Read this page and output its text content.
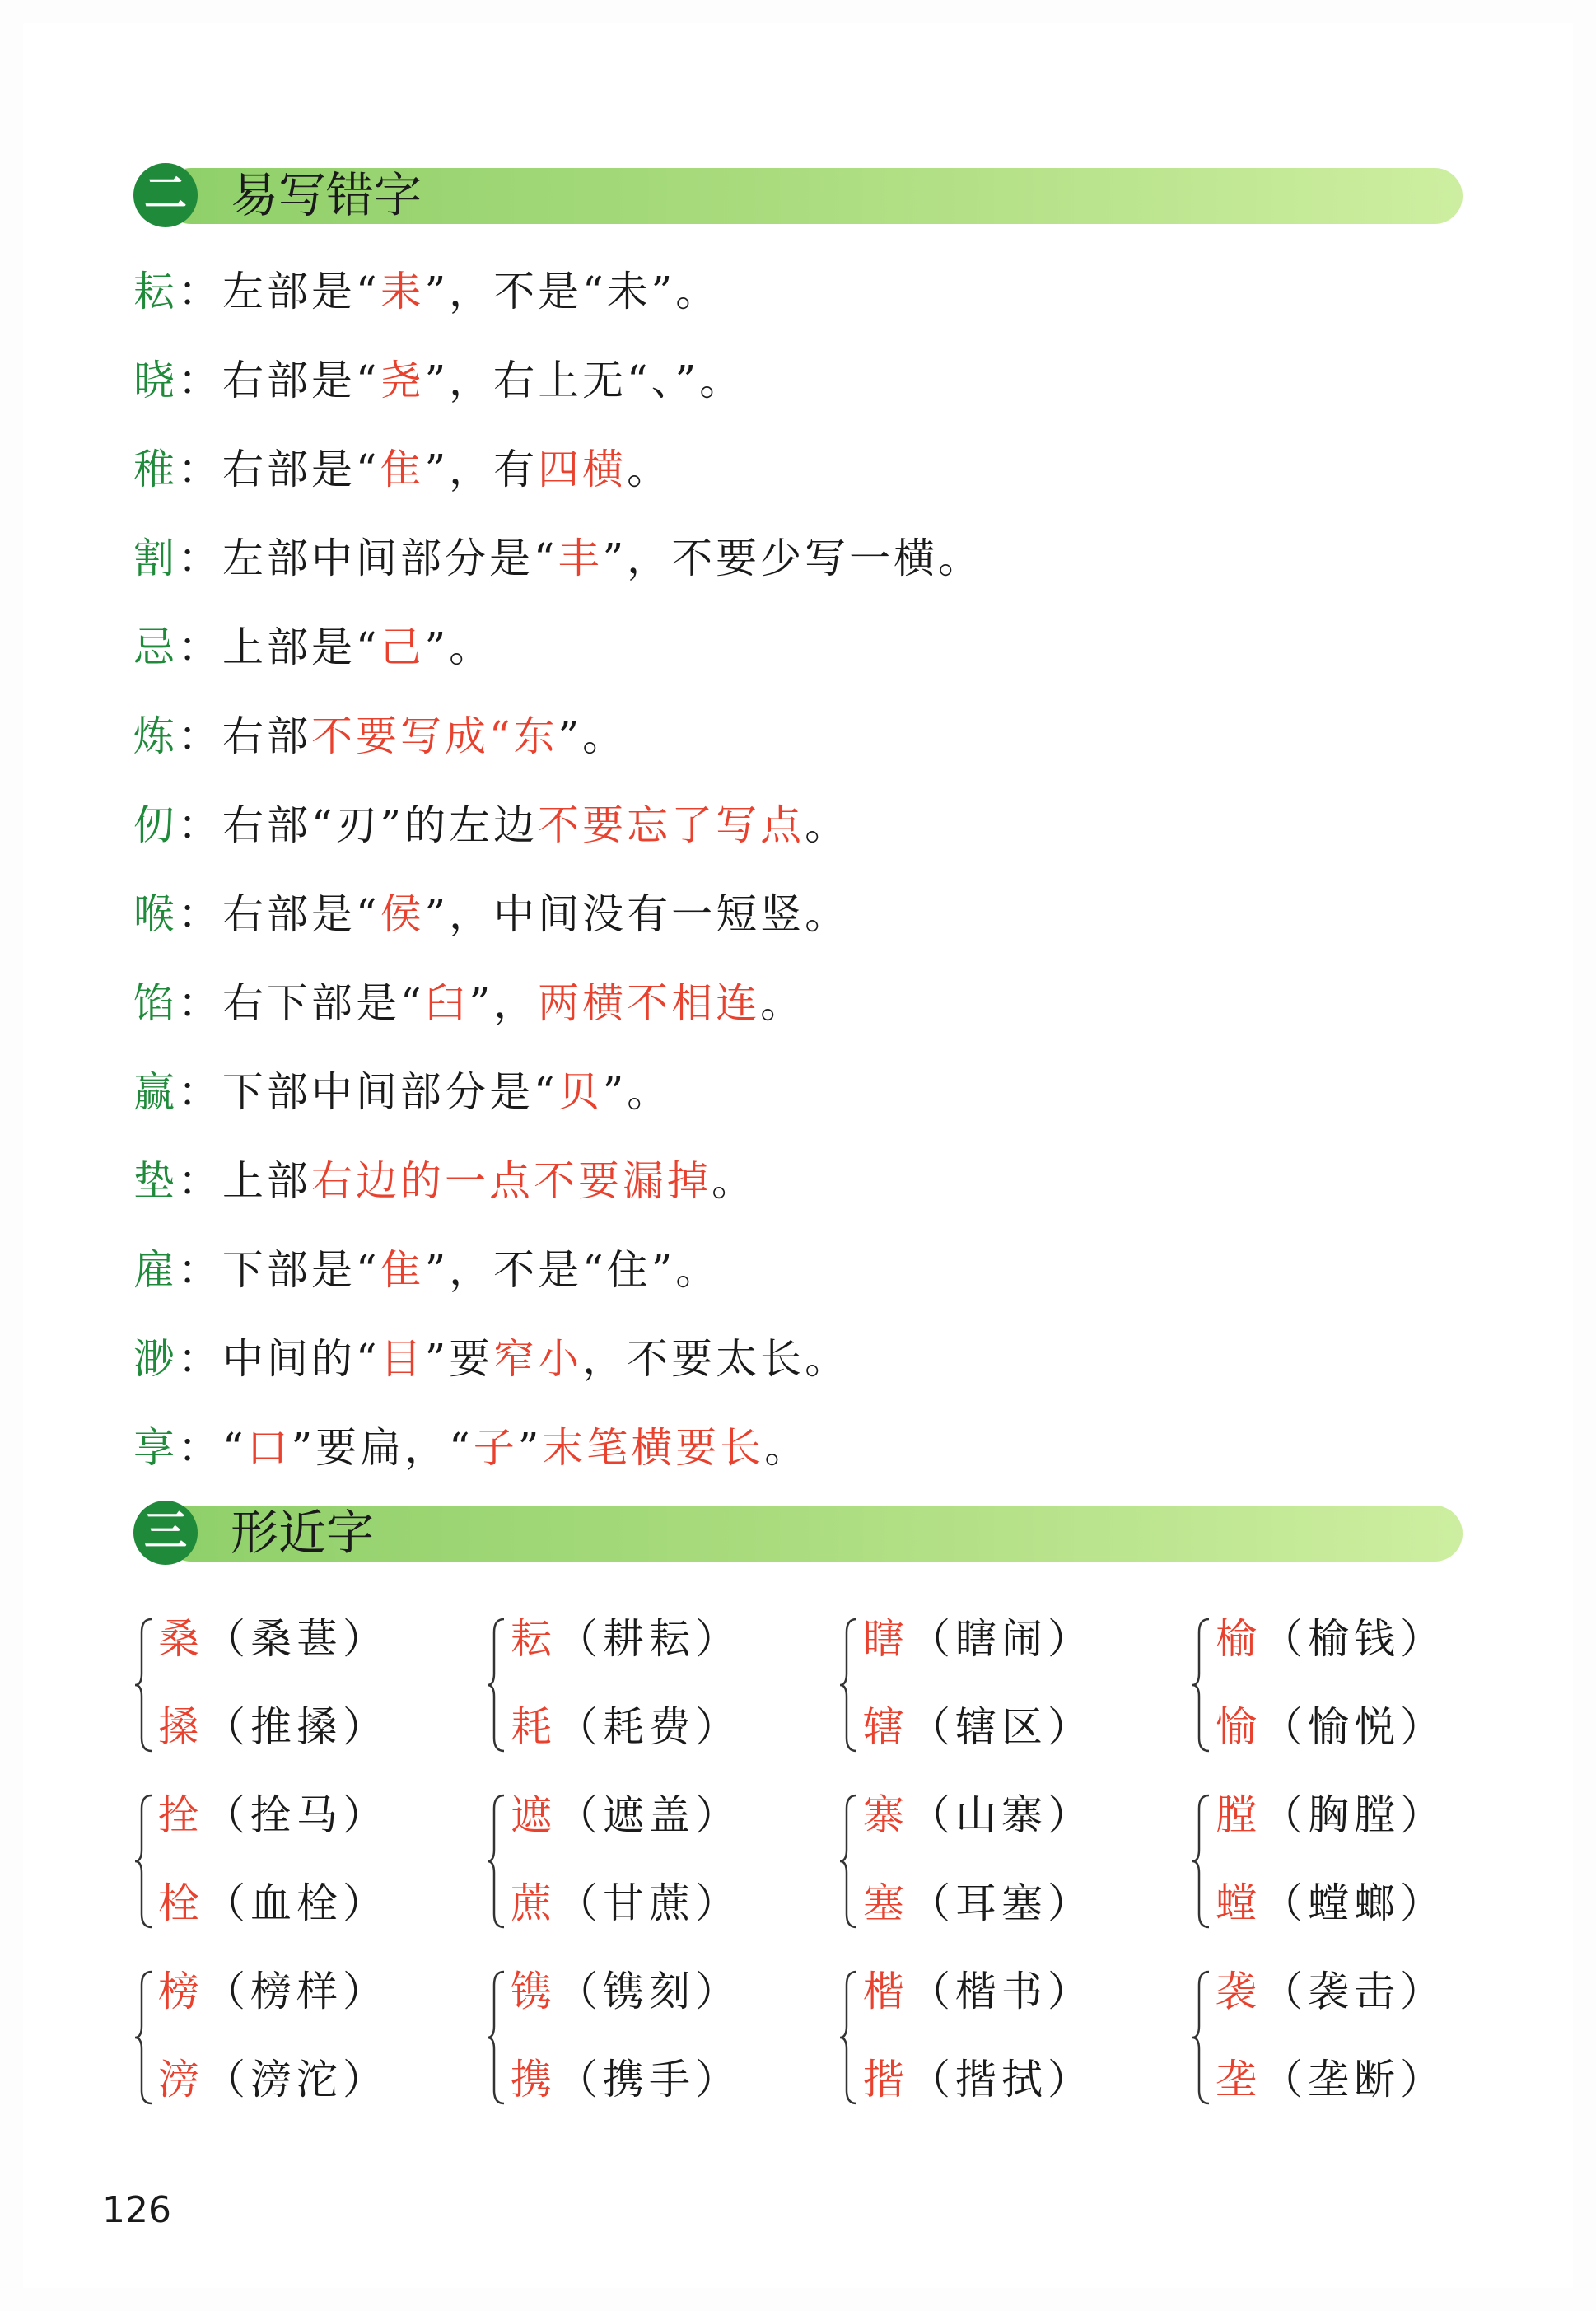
二 易写错字
耘：左部是“耒”，不是“未”。
晓：右部是“尧”，右上无“、”。
稚：右部是“隹”，有四横。
割：左部中间部分是“丰”，不要少写一横。
忌：上部是“己”。
炼：右部不要写成“东”。
仞：右部“刃”的左边不要忘了写点。
喉：右部是“侯”，中间没有一短竖。
馅：右下部是“臼”，两横不相连。
赢：下部中间部分是“贝”。
垫：上部右边的一点不要漏掉。
雇：下部是“隹”，不是“住”。
渺：中间的“目”要窄小，不要太长。
享：“口”要扁，“子”末笔横要长。
三 形近字
桑（桑葚）
搡（推搡）
耘（耕耘）
耗（耗费）
瞎（瞎闹）
辖（辖区）
榆（榆钱）
愉（愉悦）
拴（拴马）
栓（血栓）
遮（遮盖）
蔗（甘蔗）
寨（山寨）
塞（耳塞）
膛（胸膛）
螳（螳螂）
榜（榜样）
滂（滂沱）
镌（镌刻）
携（携手）
楷（楷书）
揩（揩拭）
袭（袭击）
垄（垄断）
126
